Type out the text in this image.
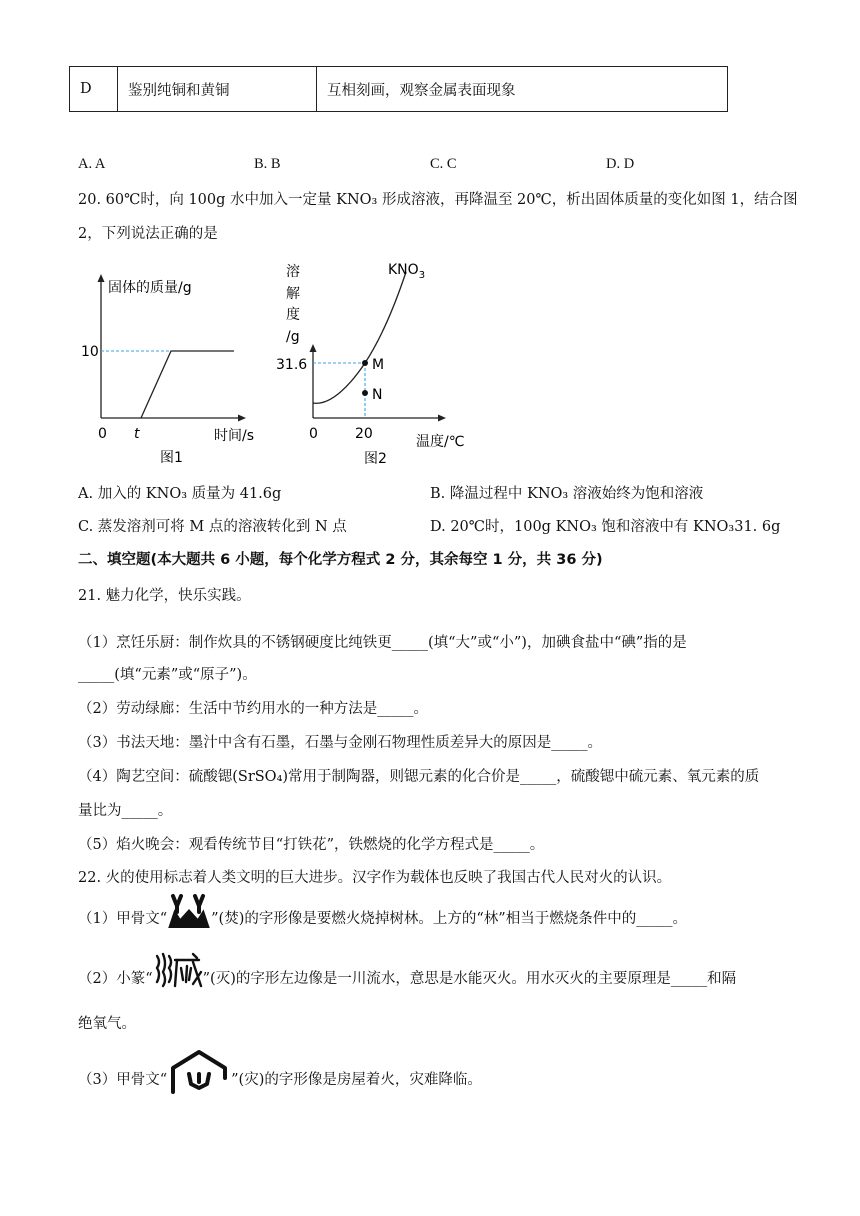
D	鉴别纯铜和黄铜	互相刻画，观察金属表面现象
A. A	B. B	C. C	D. D
20. 60℃时，向 100g 水中加入一定量 KNO₃ 形成溶液，再降温至 20℃，析出固体质量的变化如图 1，结合图
2，下列说法正确的是
固体的质量/g
10
0 t	时间/s
图1
溶
解
度
/g
$KNO_3$
31.6	M
N
0	20	温度/℃
图2
A. 加入的 KNO₃ 质量为 41.6g	B. 降温过程中 KNO₃ 溶液始终为饱和溶液
C. 蒸发溶剂可将 M 点的溶液转化到 N 点	D. 20℃时，100g KNO₃ 饱和溶液中有 KNO₃31. 6g
二、填空题(本大题共 6 小题，每个化学方程式 2 分，其余每空 1 分，共 36 分)
21. 魅力化学，快乐实践。
（1）烹饪乐厨：制作炊具的不锈钢硬度比纯铁更_____(填“大”或“小”)，加碘食盐中“碘”指的是
_____(填“元素”或“原子”)。
（2）劳动绿廊：生活中节约用水的一种方法是_____。
（3）书法天地：墨汁中含有石墨，石墨与金刚石物理性质差异大的原因是_____。
（4）陶艺空间：硫酸锶(SrSO₄)常用于制陶器，则锶元素的化合价是_____，硫酸锶中硫元素、氧元素的质
量比为_____。
（5）焰火晚会：观看传统节目“打铁花”，铁燃烧的化学方程式是_____。
22. 火的使用标志着人类文明的巨大进步。汉字作为载体也反映了我国古代人民对火的认识。
（1）甲骨文“	”(焚)的字形像是要燃火烧掉树林。上方的“林”相当于燃烧条件中的_____。
（2）小篆“	”(灭)的字形左边像是一川流水，意思是水能灭火。用水灭火的主要原理是_____和隔
绝氧气。
（3）甲骨文“	”(灾)的字形像是房屋着火，灾难降临。
